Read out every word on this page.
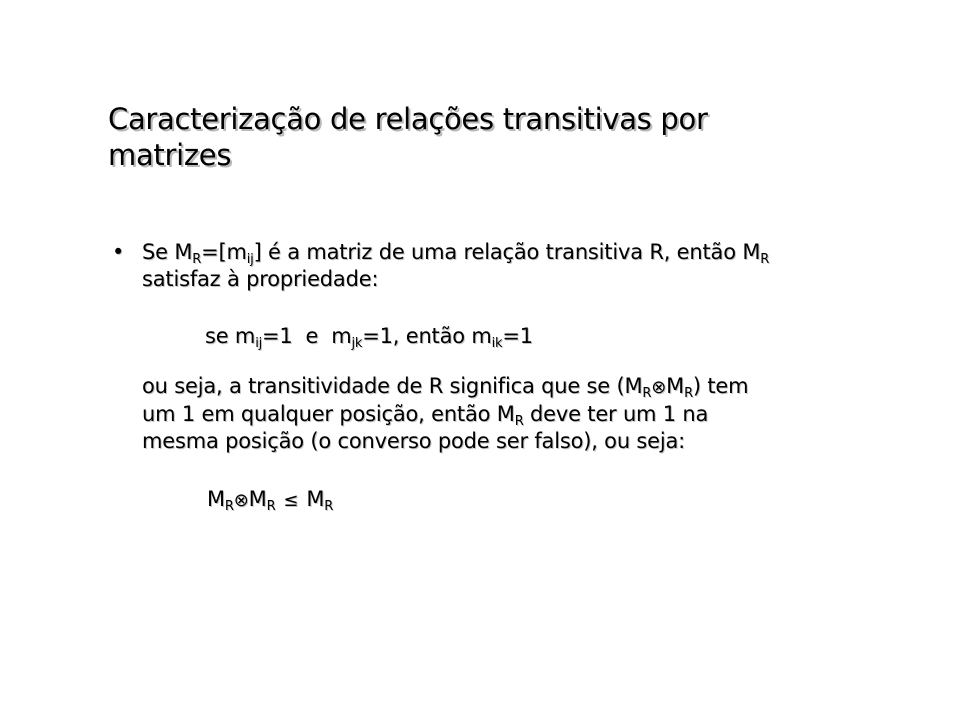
Caracterização de relações transitivas por
matrizes
• Se $M_R=[m_{ij}]$ é a matriz de uma relação transitiva R, então $M_R$
satisfaz à propriedade:
se $m_{ij}=1$  e  $m_{jk}=1$, então $m_{ik}=1$
ou seja, a transitividade de R significa que se $(M_R\otimes M_R)$ tem
um 1 em qualquer posição, então $M_R$ deve ter um 1 na
mesma posição (o converso pode ser falso), ou seja:
$M_R\otimes M_R \le M_R$
